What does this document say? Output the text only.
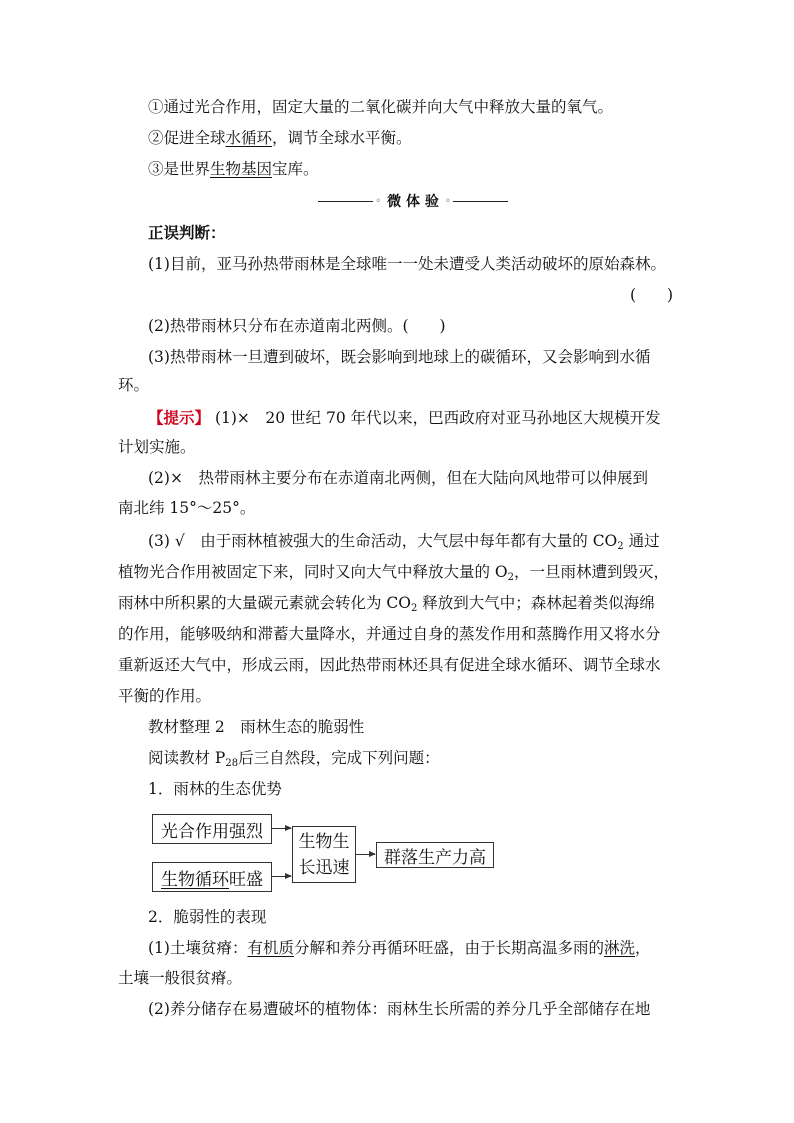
①通过光合作用，固定大量的二氧化碳并向大气中释放大量的氧气。
②促进全球水循环，调节全球水平衡。
③是世界生物基因宝库。
◦ 微 体 验 ◦
正误判断：
(1)目前，亚马孙热带雨林是全球唯一一处未遭受人类活动破坏的原始森林。
(　　)
(2)热带雨林只分布在赤道南北两侧。(　　)
(3)热带雨林一旦遭到破坏，既会影响到地球上的碳循环，又会影响到水循
环。
【提示】 (1)×　20 世纪 70 年代以来，巴西政府对亚马孙地区大规模开发
计划实施。
(2)×　热带雨林主要分布在赤道南北两侧，但在大陆向风地带可以伸展到
南北纬 15°～25°。
(3) √　由于雨林植被强大的生命活动，大气层中每年都有大量的 $CO_2$ 通过
植物光合作用被固定下来，同时又向大气中释放大量的 $O_2$，一旦雨林遭到毁灭，
雨林中所积累的大量碳元素就会转化为 $CO_2$ 释放到大气中；森林起着类似海绵
的作用，能够吸纳和滞蓄大量降水，并通过自身的蒸发作用和蒸腾作用又将水分
重新返还大气中，形成云雨，因此热带雨林还具有促进全球水循环、调节全球水
平衡的作用。
教材整理 2　雨林生态的脆弱性
阅读教材 $P_{28}$后三自然段，完成下列问题：
1．雨林的生态优势
光合作用强烈
生物循环 旺盛
生物生
长迅速	群落生产力高
2．脆弱性的表现
(1)土壤贫瘠：有机质分解和养分再循环旺盛，由于长期高温多雨的淋洗，
土壤一般很贫瘠。
(2)养分储存在易遭破坏的植物体：雨林生长所需的养分几乎全部储存在地
